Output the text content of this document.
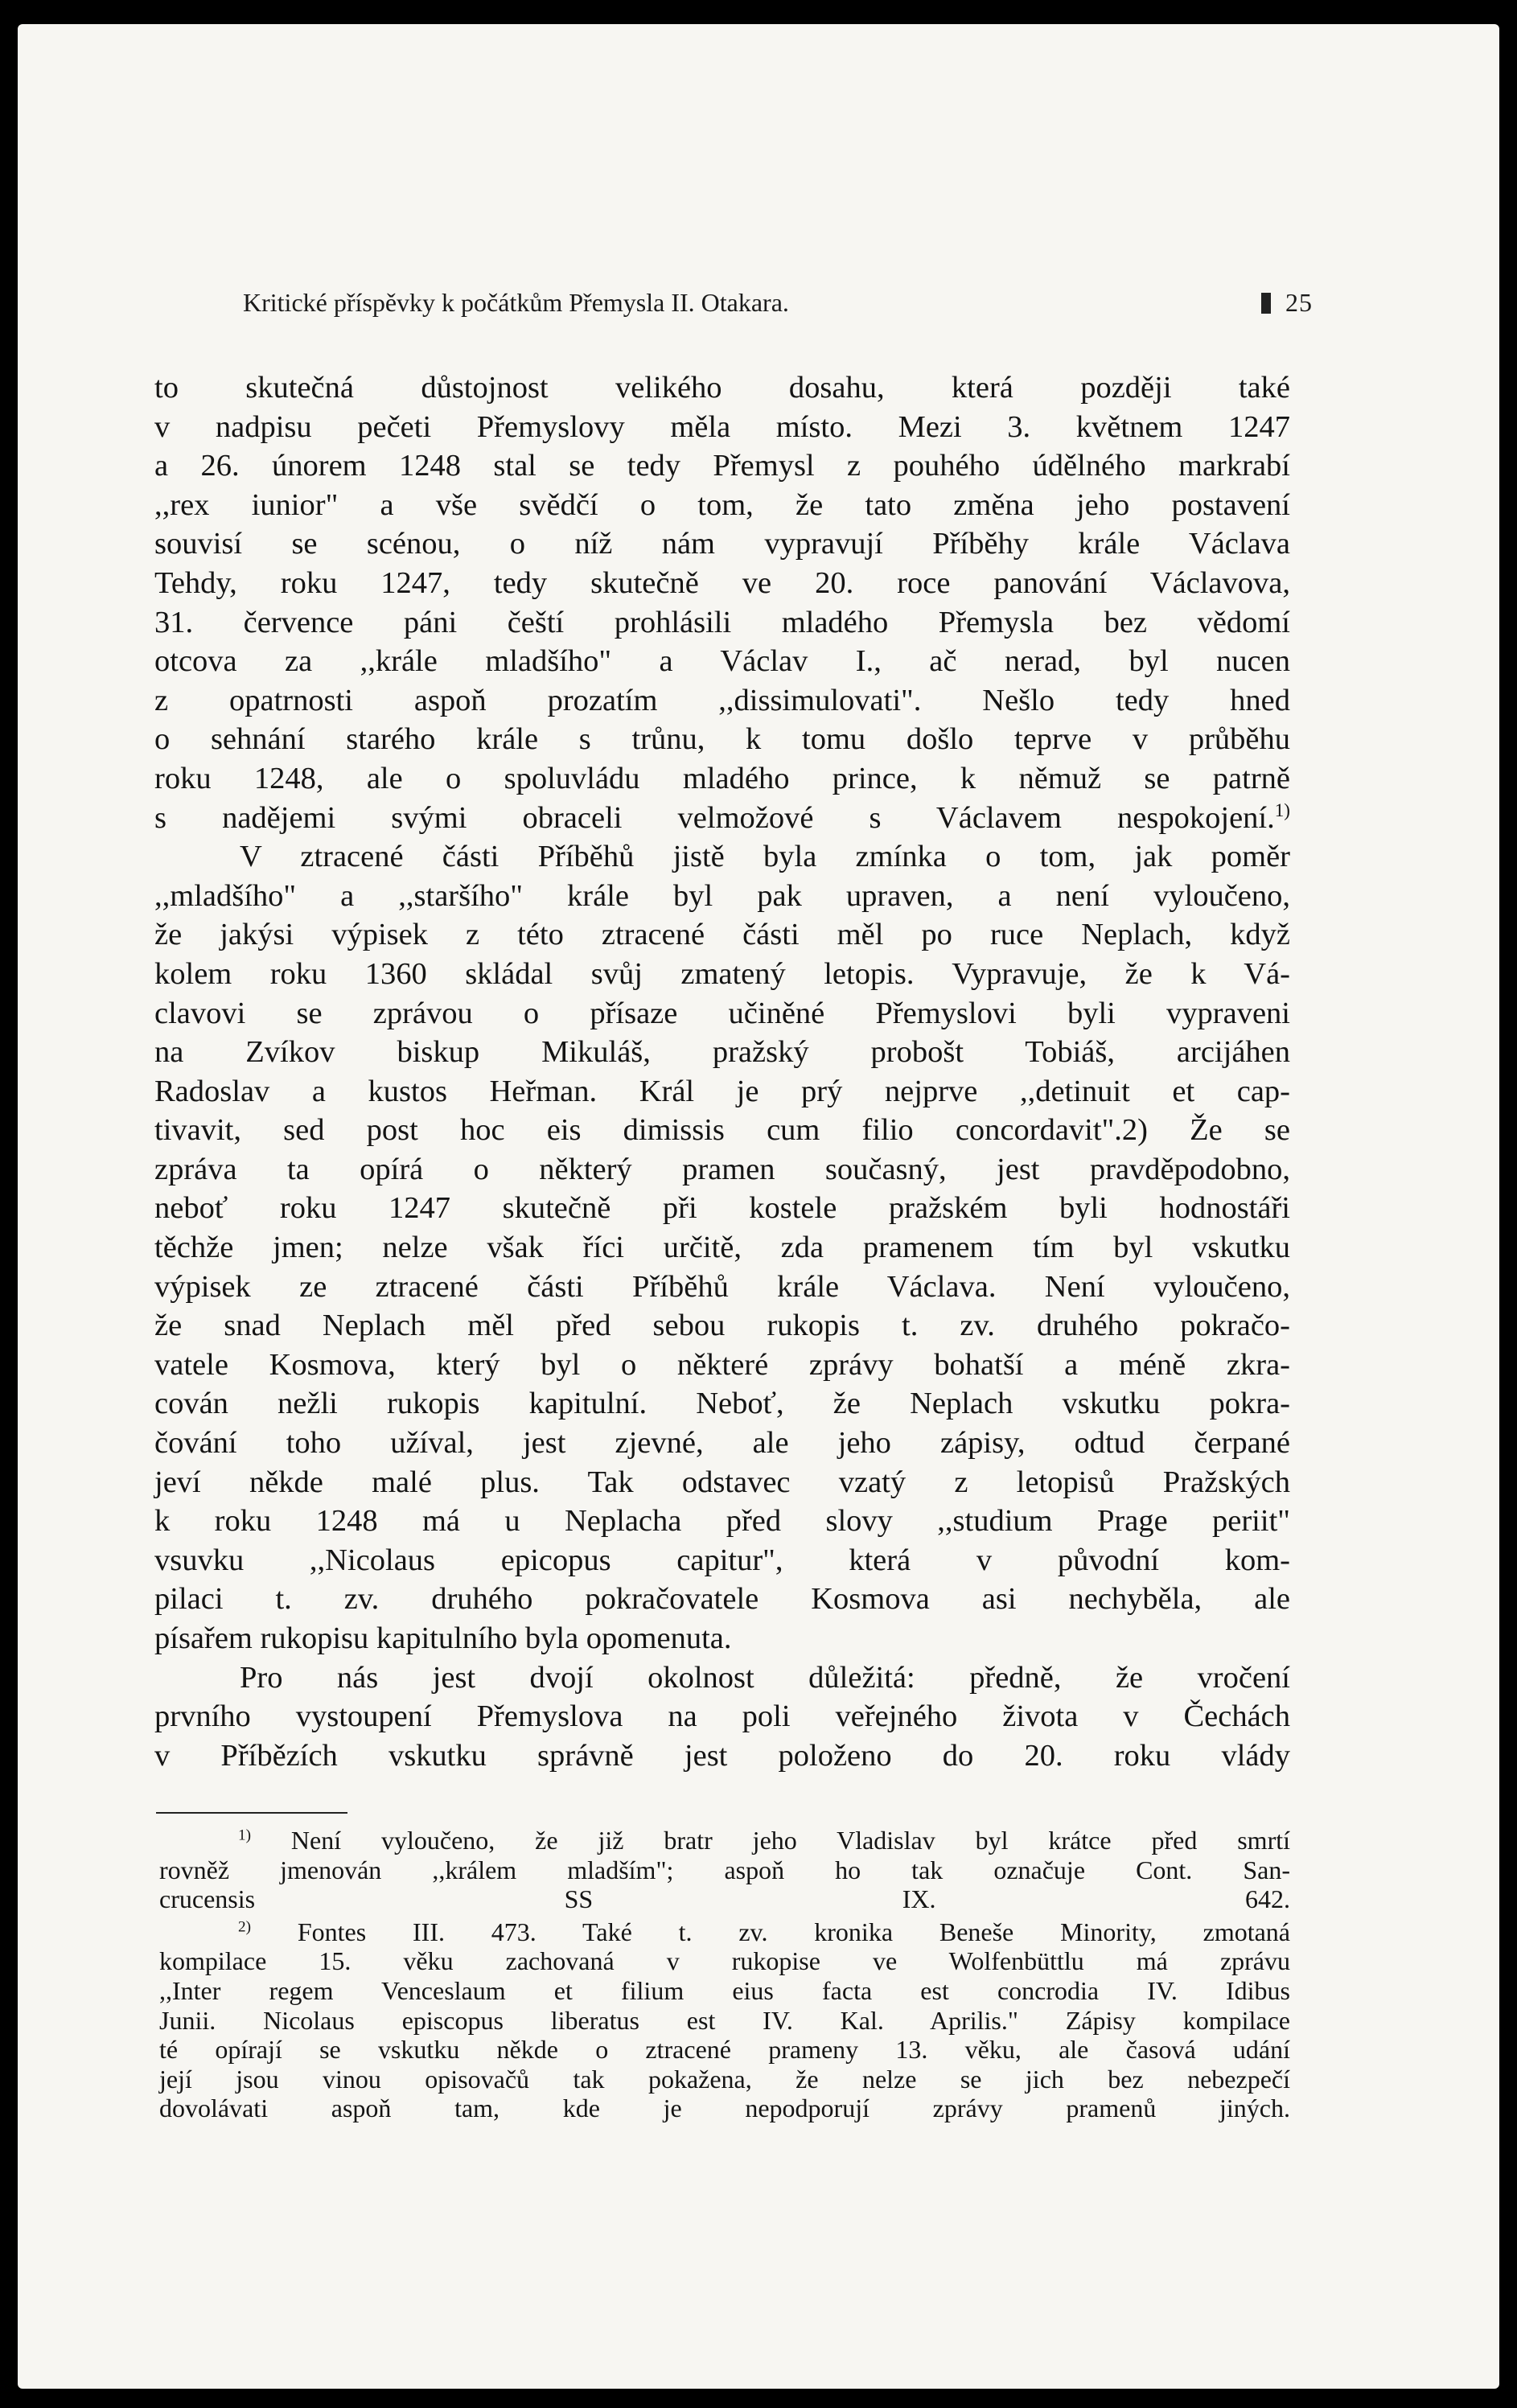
Kritické příspěvky k počátkům Přemysla II. Otakara.	25
to skutečná důstojnost velikého dosahu, která později také
v nadpisu pečeti Přemyslovy měla místo. Mezi 3. květnem 1247
a 26. únorem 1248 stal se tedy Přemysl z pouhého údělného markrabí
,,rex iunior" a vše svědčí o tom, že tato změna jeho postavení
souvisí se scénou, o níž nám vypravují Příběhy krále Václava
Tehdy, roku 1247, tedy skutečně ve 20. roce panování Václavova,
31. července páni čeští prohlásili mladého Přemysla bez vědomí
otcova za ,,krále mladšího" a Václav I., ač nerad, byl nucen
z opatrnosti aspoň prozatím ,,dissimulovati". Nešlo tedy hned
o sehnání starého krále s trůnu, k tomu došlo teprve v průběhu
roku 1248, ale o spoluvládu mladého prince, k němuž se patrně
s nadějemi svými obraceli velmožové s Václavem nespokojení.$^{1)}$
V ztracené části Příběhů jistě byla zmínka o tom, jak poměr
,,mladšího" a ,,staršího" krále byl pak upraven, a není vyloučeno,
že jakýsi výpisek z této ztracené části měl po ruce Neplach, když
kolem roku 1360 skládal svůj zmatený letopis. Vypravuje, že k Vá-
clavovi se zprávou o přísaze učiněné Přemyslovi byli vypraveni
na Zvíkov biskup Mikuláš, pražský probošt Tobiáš, arcijáhen
Radoslav a kustos Heřman. Král je prý nejprve ,,detinuit et cap-
tivavit, sed post hoc eis dimissis cum filio concordavit".2) Že se
zpráva ta opírá o některý pramen současný, jest pravděpodobno,
neboť roku 1247 skutečně při kostele pražském byli hodnostáři
těchže jmen; nelze však říci určitě, zda pramenem tím byl vskutku
výpisek ze ztracené části Příběhů krále Václava. Není vyloučeno,
že snad Neplach měl před sebou rukopis t. zv. druhého pokračo-
vatele Kosmova, který byl o některé zprávy bohatší a méně zkra-
cován nežli rukopis kapitulní. Neboť, že Neplach vskutku pokra-
čování toho užíval, jest zjevné, ale jeho zápisy, odtud čerpané
jeví někde malé plus. Tak odstavec vzatý z letopisů Pražských
k roku 1248 má u Neplacha před slovy ,,studium Prage periit"
vsuvku ,,Nicolaus epicopus capitur", která v původní kom-
pilaci t. zv. druhého pokračovatele Kosmova asi nechyběla, ale
písařem rukopisu kapitulního byla opomenuta.
Pro nás jest dvojí okolnost důležitá: předně, že vročení
prvního vystoupení Přemyslova na poli veřejného života v Čechách
v Příbězích vskutku správně jest položeno do 20. roku vlády
$^{1)}$ Není vyloučeno, že již bratr jeho Vladislav byl krátce před smrtí
rovněž jmenován ,,králem mladším"; aspoň ho tak označuje Cont. San-
crucensis SS IX. 642.
$^{2)}$ Fontes III. 473. Také t. zv. kronika Beneše Minority, zmotaná
kompilace 15. věku zachovaná v rukopise ve Wolfenbüttlu má zprávu
,,Inter regem Venceslaum et filium eius facta est concrodia IV. Idibus
Junii. Nicolaus episcopus liberatus est IV. Kal. Aprilis." Zápisy kompilace
té opírají se vskutku někde o ztracené prameny 13. věku, ale časová udání
její jsou vinou opisovačů tak pokažena, že nelze se jich bez nebezpečí
dovolávati aspoň tam, kde je nepodporují zprávy pramenů jiných.
